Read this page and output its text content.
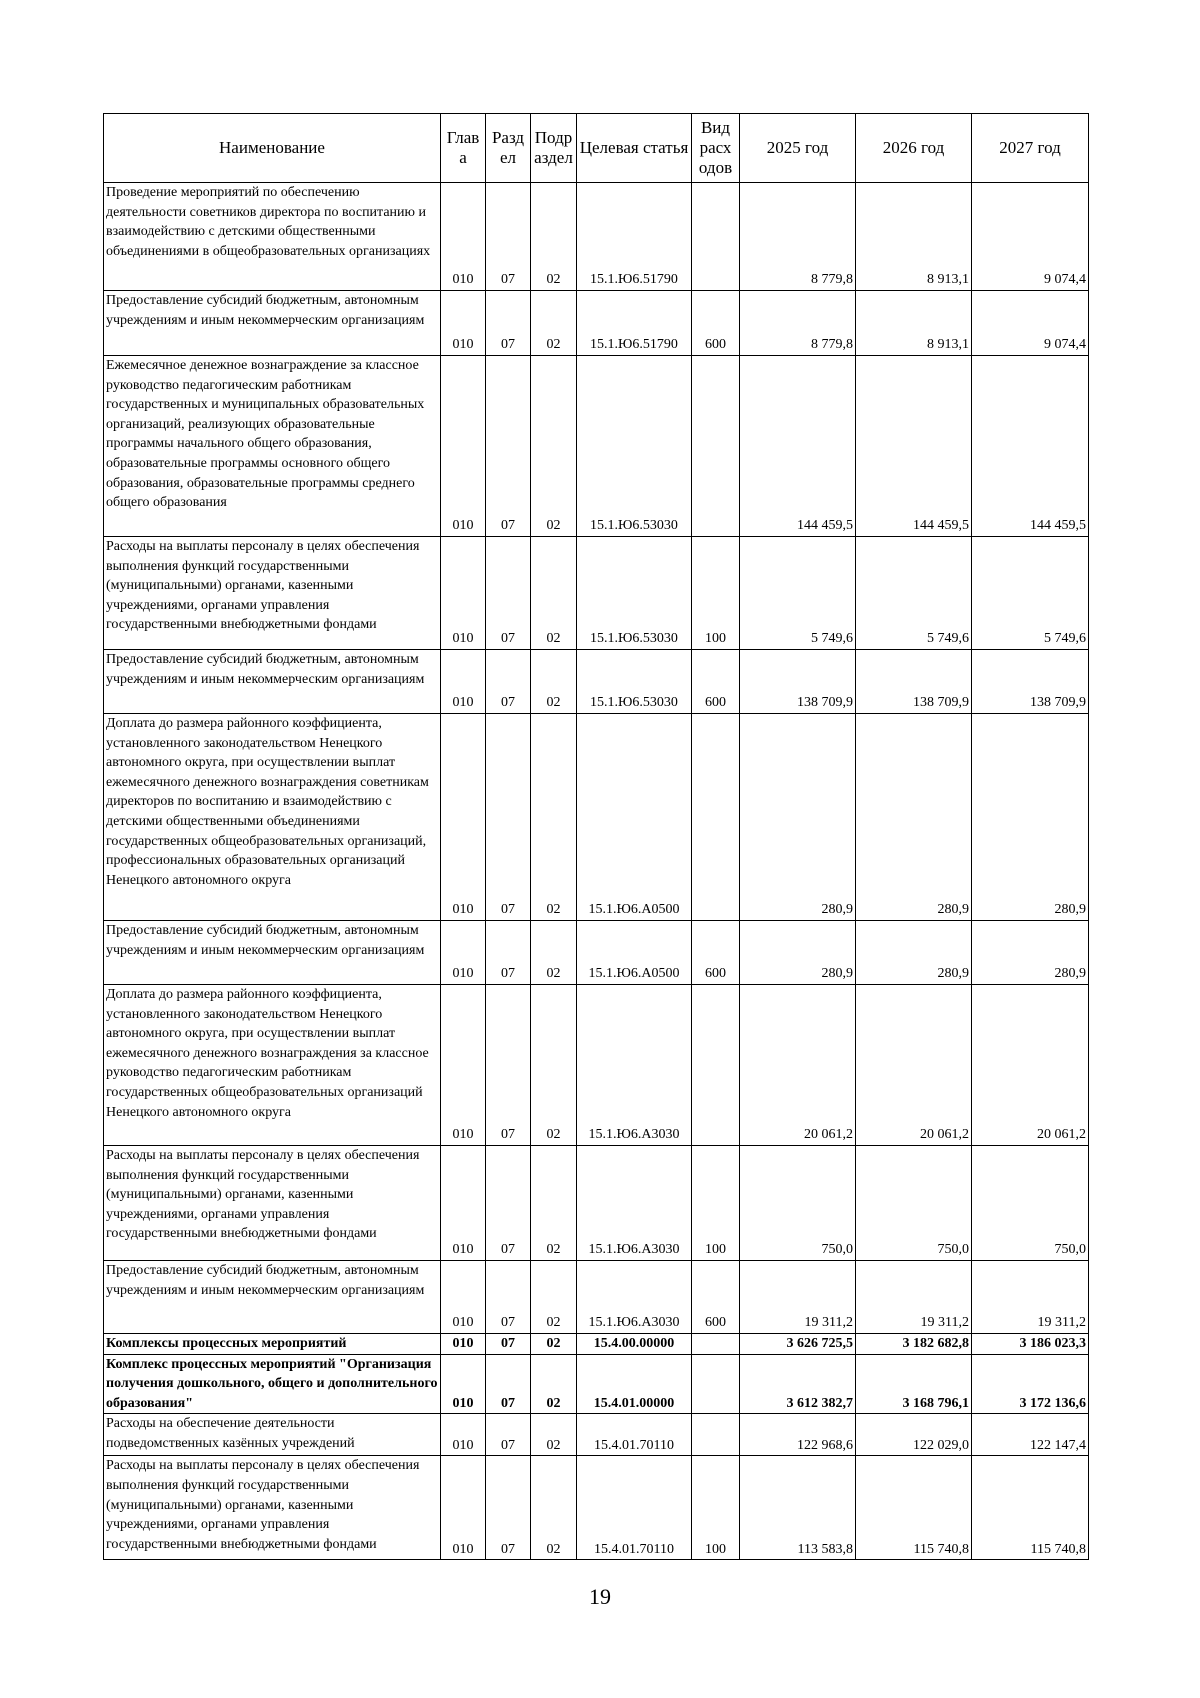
Наименование	Глав а	Разд ел	Подр аздел	Целевая статья	Вид расх одов	2025 год	2026 год	2027 год
Проведение мероприятий по обеспечению деятельности советников директора по воспитанию и взаимодействию с детскими общественными объединениями в общеобразовательных организациях	010	07	02	15.1.Ю6.51790		8 779,8	8 913,1	9 074,4
Предоставление субсидий бюджетным, автономным учреждениям и иным некоммерческим организациям	010	07	02	15.1.Ю6.51790	600	8 779,8	8 913,1	9 074,4
Ежемесячное денежное вознаграждение за классное руководство педагогическим работникам государственных и муниципальных образовательных организаций, реализующих образовательные программы начального общего образования, образовательные программы основного общего образования, образовательные программы среднего общего образования	010	07	02	15.1.Ю6.53030		144 459,5	144 459,5	144 459,5
Расходы на выплаты персоналу в целях обеспечения выполнения функций государственными (муниципальными) органами, казенными учреждениями, органами управления государственными внебюджетными фондами	010	07	02	15.1.Ю6.53030	100	5 749,6	5 749,6	5 749,6
Предоставление субсидий бюджетным, автономным учреждениям и иным некоммерческим организациям	010	07	02	15.1.Ю6.53030	600	138 709,9	138 709,9	138 709,9
Доплата до размера районного коэффициента, установленного законодательством Ненецкого автономного округа, при осуществлении выплат ежемесячного денежного вознаграждения советникам директоров по воспитанию и взаимодействию с детскими общественными объединениями государственных общеобразовательных организаций, профессиональных образовательных организаций Ненецкого автономного округа	010	07	02	15.1.Ю6.А0500		280,9	280,9	280,9
Предоставление субсидий бюджетным, автономным учреждениям и иным некоммерческим организациям	010	07	02	15.1.Ю6.А0500	600	280,9	280,9	280,9
Доплата до размера районного коэффициента, установленного законодательством Ненецкого автономного округа, при осуществлении выплат ежемесячного денежного вознаграждения за классное руководство педагогическим работникам государственных общеобразовательных организаций Ненецкого автономного округа	010	07	02	15.1.Ю6.А3030		20 061,2	20 061,2	20 061,2
Расходы на выплаты персоналу в целях обеспечения выполнения функций государственными (муниципальными) органами, казенными учреждениями, органами управления государственными внебюджетными фондами	010	07	02	15.1.Ю6.А3030	100	750,0	750,0	750,0
Предоставление субсидий бюджетным, автономным учреждениям и иным некоммерческим организациям	010	07	02	15.1.Ю6.А3030	600	19 311,2	19 311,2	19 311,2
Комплексы процессных мероприятий	010	07	02	15.4.00.00000		3 626 725,5	3 182 682,8	3 186 023,3
Комплекс процессных мероприятий "Организация получения дошкольного, общего и дополнительного образования"	010	07	02	15.4.01.00000		3 612 382,7	3 168 796,1	3 172 136,6
Расходы на обеспечение деятельности подведомственных казённых учреждений	010	07	02	15.4.01.70110		122 968,6	122 029,0	122 147,4
Расходы на выплаты персоналу в целях обеспечения выполнения функций государственными (муниципальными) органами, казенными учреждениями, органами управления государственными внебюджетными фондами	010	07	02	15.4.01.70110	100	113 583,8	115 740,8	115 740,8
19
